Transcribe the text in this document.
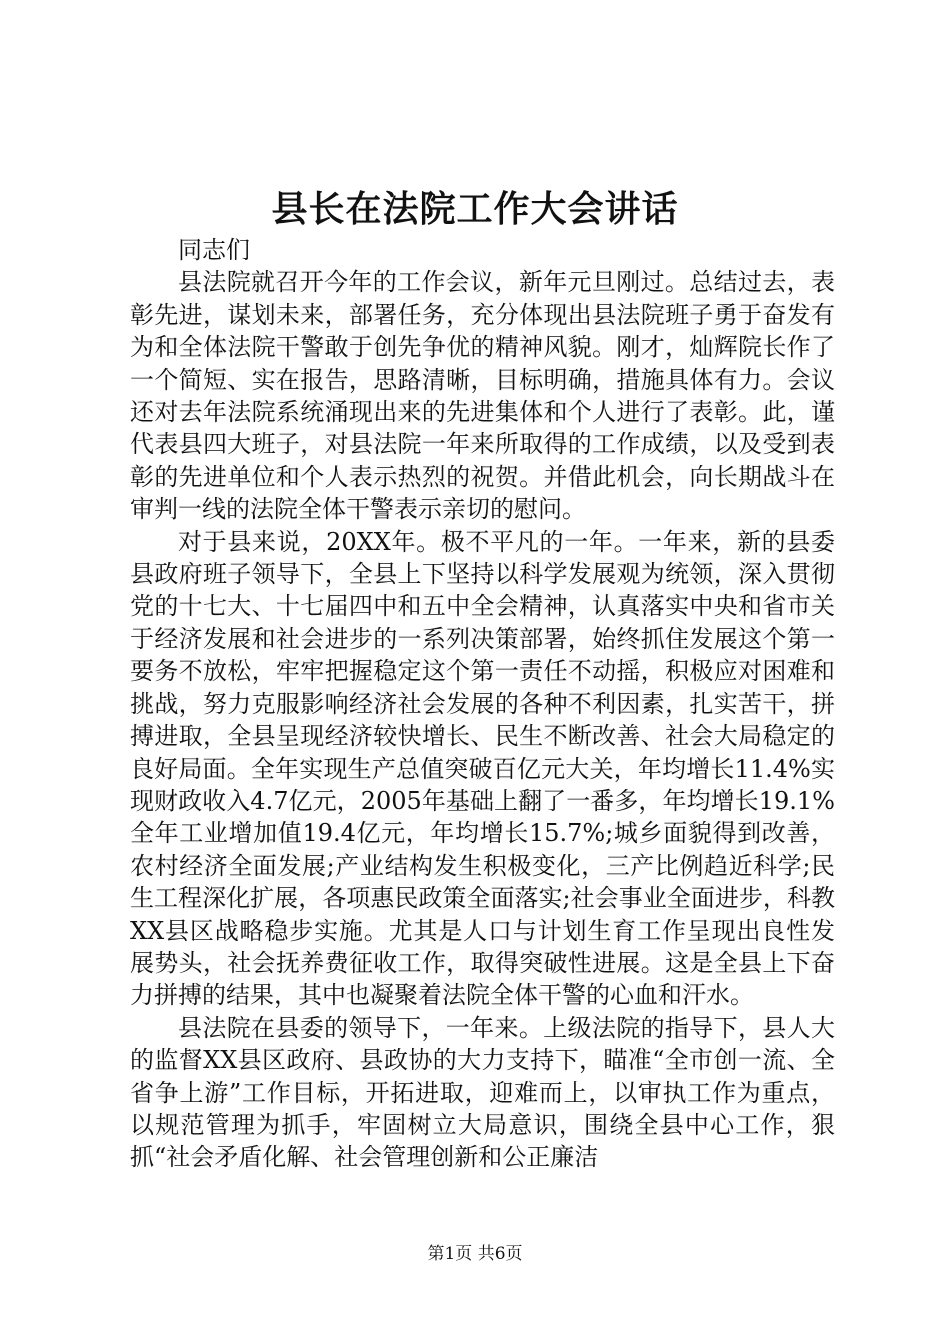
县长在法院工作大会讲话

同志们

县法院就召开今年的工作会议，新年元旦刚过。总结过去，表彰先进，谋划未来，部署任务，充分体现出县法院班子勇于奋发有为和全体法院干警敢于创先争优的精神风貌。刚才，灿辉院长作了一个简短、实在报告，思路清晰，目标明确，措施具体有力。会议还对去年法院系统涌现出来的先进集体和个人进行了表彰。此，谨代表县四大班子，对县法院一年来所取得的工作成绩，以及受到表彰的先进单位和个人表示热烈的祝贺。并借此机会，向长期战斗在审判一线的法院全体干警表示亲切的慰问。

对于县来说，20XX年。极不平凡的一年。一年来，新的县委县政府班子领导下，全县上下坚持以科学发展观为统领，深入贯彻党的十七大、十七届四中和五中全会精神，认真落实中央和省市关于经济发展和社会进步的一系列决策部署，始终抓住发展这个第一要务不放松，牢牢把握稳定这个第一责任不动摇，积极应对困难和挑战，努力克服影响经济社会发展的各种不利因素，扎实苦干，拼搏进取，全县呈现经济较快增长、民生不断改善、社会大局稳定的良好局面。全年实现生产总值突破百亿元大关，年均增长11.4%实现财政收入4.7亿元，2005年基础上翻了一番多，年均增长19.1%全年工业增加值19.4亿元，年均增长15.7%;城乡面貌得到改善，农村经济全面发展;产业结构发生积极变化，三产比例趋近科学;民生工程深化扩展，各项惠民政策全面落实;社会事业全面进步，科教XX县区战略稳步实施。尤其是人口与计划生育工作呈现出良性发展势头，社会抚养费征收工作，取得突破性进展。这是全县上下奋力拼搏的结果，其中也凝聚着法院全体干警的心血和汗水。

县法院在县委的领导下，一年来。上级法院的指导下，县人大的监督XX县区政府、县政协的大力支持下，瞄准“全市创一流、全省争上游”工作目标，开拓进取，迎难而上，以审执工作为重点，以规范管理为抓手，牢固树立大局意识，围绕全县中心工作，狠抓“社会矛盾化解、社会管理创新和公正廉洁

第1页 共6页
